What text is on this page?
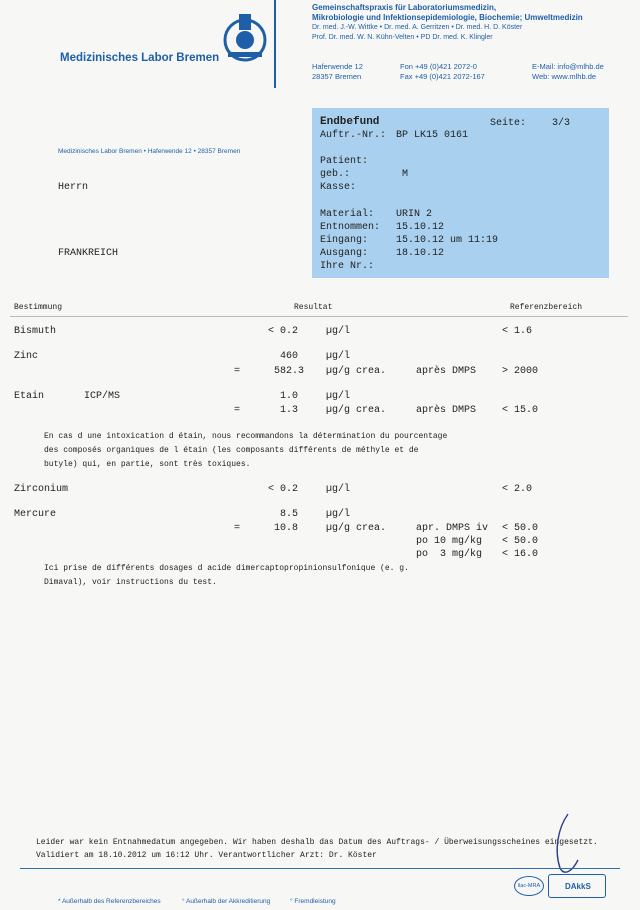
Medizinisches Labor Bremen
Gemeinschaftspraxis für Laboratoriumsmedizin,
Mikrobiologie und Infektionsepidemiologie, Biochemie; Umweltmedizin
Dr. med. J.-W. Wittke • Dr. med. A. Gerritzen • Dr. med. H. D. Köster
Prof. Dr. med. W. N. Kühn-Velten • PD Dr. med. K. Klingler
Haferwende 12
28357 Bremen
Fon +49 (0)421 2072-0
Fax +49 (0)421 2072-167
E-Mail: info@mlhb.de
Web: www.mlhb.de
Medizinisches Labor Bremen • Haferwende 12 • 28357 Bremen
Herrn
FRANKREICH
Endbefund	Seite:	3/3
Auftr.-Nr.: BP LK15 0161
Patient:
geb.:	M
Kasse:
Material: URIN 2
Entnommen: 15.10.12
Eingang:	15.10.12 um 11:19
Ausgang:	18.10.12
Ihre Nr.:
Bestimmung	Resultat	Referenzbereich
Bismuth	< 0.2	µg/l	< 1.6
Zinc	460	µg/l
=	582.3 µg/g crea.	après DMPS	> 2000
Etain	ICP/MS	1.0	µg/l
=	1.3	µg/g crea.	après DMPS	< 15.0
En cas d une intoxication d étain, nous recommandons la détermination du pourcentage
des composés organiques de l étain (les composants différents de méthyle et de
butyle) qui, en partie, sont très toxiques.
Zirconium	< 0.2	µg/l	< 2.0
Mercure	8.5	µg/l
=	10.8	µg/g crea.	apr. DMPS iv < 50.0
po 10 mg/kg < 50.0
po  3 mg/kg < 16.0
Ici prise de différents dosages d acide dimercaptopropinionsulfonique (e. g.
Dimaval), voir instructions du test.
Leider war kein Entnahmedatum angegeben. Wir haben deshalb das Datum des Auftrags- / Überweisungsscheines eingesetzt.
Validiert am 18.10.2012 um 16:12 Uhr. Verantwortlicher Arzt: Dr. Köster
* Außerhalb des Referenzbereiches	° Außerhalb der Akkreditierung	° Fremdleistung
ilac-MRA	DAkkS
